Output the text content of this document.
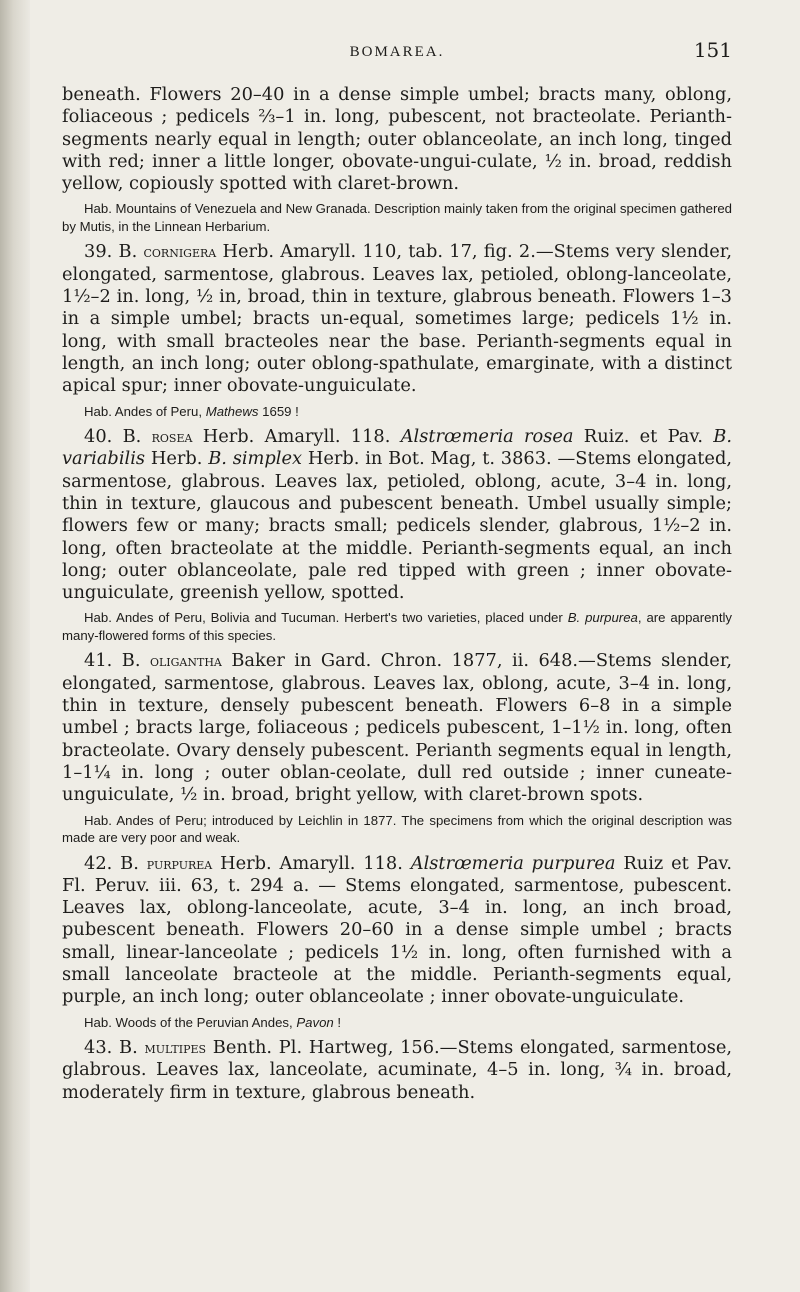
BOMAREA.	151

beneath. Flowers 20–40 in a dense simple umbel; bracts many, oblong, foliaceous ; pedicels ⅔–1 in. long, pubescent, not bracteolate. Perianth-segments nearly equal in length; outer oblanceolate, an inch long, tinged with red; inner a little longer, obovate-ungui-culate, ½ in. broad, reddish yellow, copiously spotted with claret-brown.

Hab. Mountains of Venezuela and New Granada. Description mainly taken from the original specimen gathered by Mutis, in the Linnean Herbarium.

39. B. cornigera Herb. Amaryll. 110, tab. 17, fig. 2.—Stems very slender, elongated, sarmentose, glabrous. Leaves lax, petioled, oblong-lanceolate, 1½–2 in. long, ½ in, broad, thin in texture, glabrous beneath. Flowers 1–3 in a simple umbel; bracts un-equal, sometimes large; pedicels 1½ in. long, with small bracteoles near the base. Perianth-segments equal in length, an inch long; outer oblong-spathulate, emarginate, with a distinct apical spur; inner obovate-unguiculate.

Hab. Andes of Peru, Mathews 1659 !

40. B. rosea Herb. Amaryll. 118. Alstrœmeria rosea Ruiz. et Pav. B. variabilis Herb. B. simplex Herb. in Bot. Mag, t. 3863. —Stems elongated, sarmentose, glabrous. Leaves lax, petioled, oblong, acute, 3–4 in. long, thin in texture, glaucous and pubescent beneath. Umbel usually simple; flowers few or many; bracts small; pedicels slender, glabrous, 1½–2 in. long, often bracteolate at the middle. Perianth-segments equal, an inch long; outer oblanceolate, pale red tipped with green ; inner obovate-unguiculate, greenish yellow, spotted.

Hab. Andes of Peru, Bolivia and Tucuman. Herbert's two varieties, placed under B. purpurea, are apparently many-flowered forms of this species.

41. B. oligantha Baker in Gard. Chron. 1877, ii. 648.—Stems slender, elongated, sarmentose, glabrous. Leaves lax, oblong, acute, 3–4 in. long, thin in texture, densely pubescent beneath. Flowers 6–8 in a simple umbel ; bracts large, foliaceous ; pedicels pubescent, 1–1½ in. long, often bracteolate. Ovary densely pubescent. Perianth segments equal in length, 1–1¼ in. long ; outer oblan-ceolate, dull red outside ; inner cuneate-unguiculate, ½ in. broad, bright yellow, with claret-brown spots.

Hab. Andes of Peru; introduced by Leichlin in 1877. The specimens from which the original description was made are very poor and weak.

42. B. purpurea Herb. Amaryll. 118. Alstrœmeria purpurea Ruiz et Pav. Fl. Peruv. iii. 63, t. 294 a. — Stems elongated, sarmentose, pubescent. Leaves lax, oblong-lanceolate, acute, 3–4 in. long, an inch broad, pubescent beneath. Flowers 20–60 in a dense simple umbel ; bracts small, linear-lanceolate ; pedicels 1½ in. long, often furnished with a small lanceolate bracteole at the middle. Perianth-segments equal, purple, an inch long; outer oblanceolate ; inner obovate-unguiculate.

Hab. Woods of the Peruvian Andes, Pavon !

43. B. multipes Benth. Pl. Hartweg, 156.—Stems elongated, sarmentose, glabrous. Leaves lax, lanceolate, acuminate, 4–5 in. long, ¾ in. broad, moderately firm in texture, glabrous beneath.
